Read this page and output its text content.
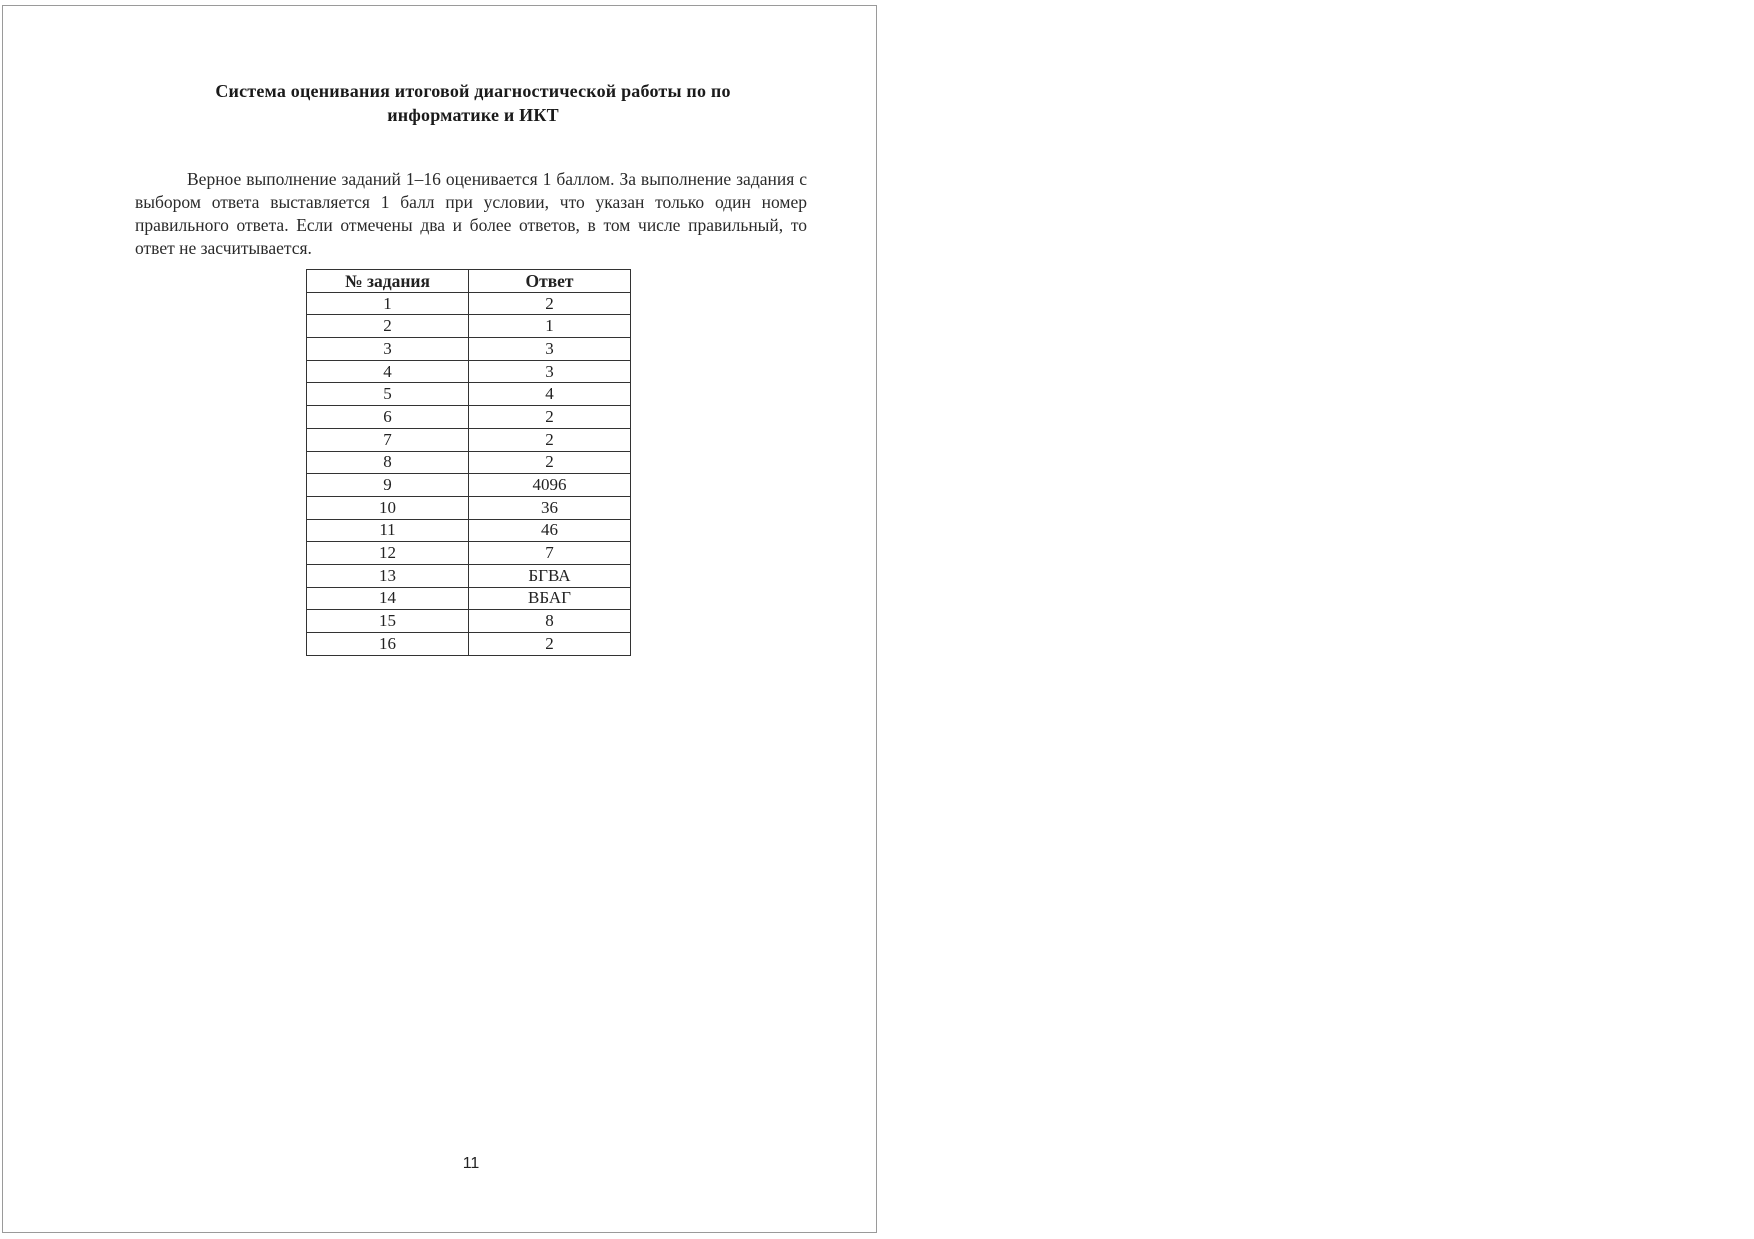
Система оценивания итоговой диагностической работы по по
информатике и ИКТ

Верное выполнение заданий 1–16 оценивается 1 баллом. За выполнение задания с выбором ответа выставляется 1 балл при условии, что указан только один номер правильного ответа. Если отмечены два и более ответов, в том числе правильный, то ответ не засчитывается.

№ задания	Ответ
1	2
2	1
3	3
4	3
5	4
6	2
7	2
8	2
9	4096
10	36
11	46
12	7
13	БГВА
14	ВБАГ
15	8
16	2
11
